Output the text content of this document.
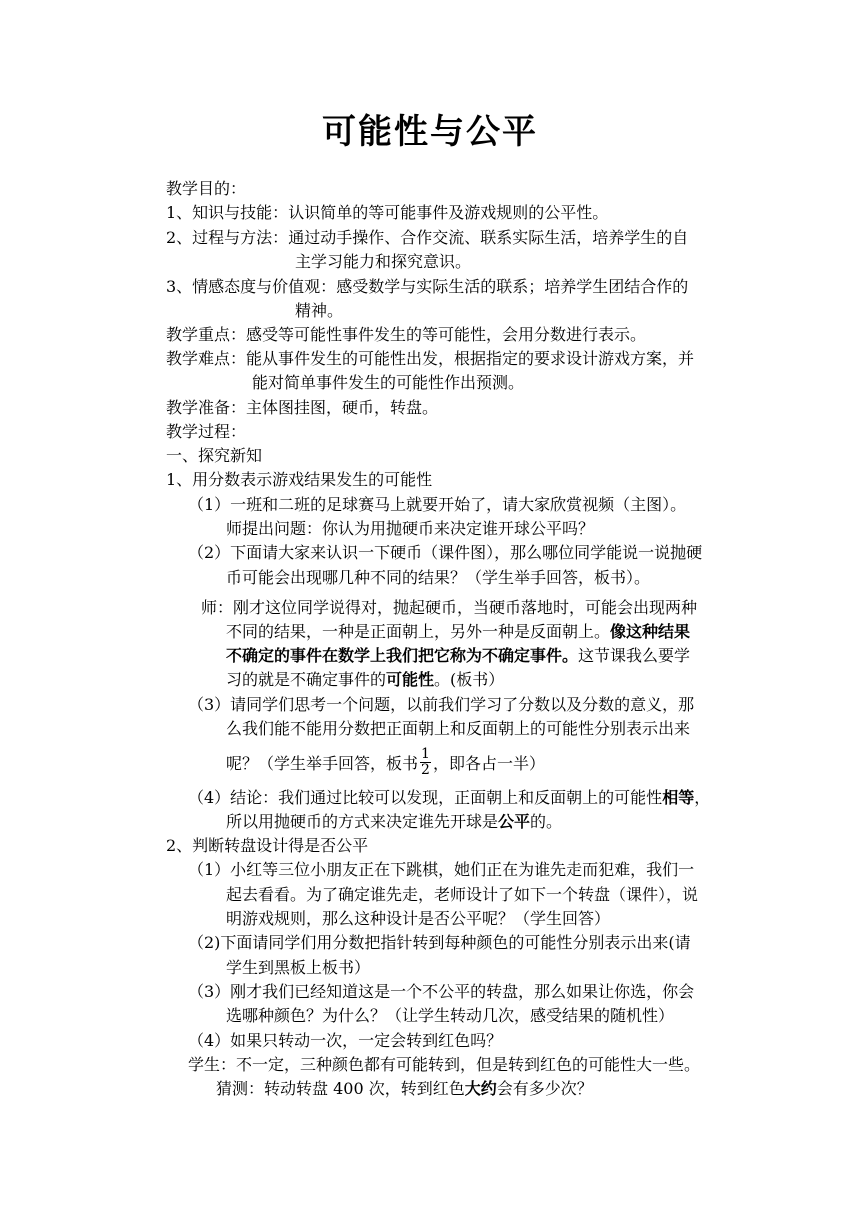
可能性与公平

教学目的：

1、知识与技能：认识简单的等可能事件及游戏规则的公平性。

2、过程与方法：通过动手操作、合作交流、联系实际生活，培养学生的自

主学习能力和探究意识。

3、情感态度与价值观：感受数学与实际生活的联系；培养学生团结合作的

精神。

教学重点：感受等可能性事件发生的等可能性，会用分数进行表示。

教学难点：能从事件发生的可能性出发，根据指定的要求设计游戏方案，并

能对简单事件发生的可能性作出预测。

教学准备：主体图挂图，硬币，转盘。

教学过程：

一、探究新知

1、用分数表示游戏结果发生的可能性

（1）一班和二班的足球赛马上就要开始了，请大家欣赏视频（主图）。

师提出问题：你认为用抛硬币来决定谁开球公平吗？

（2）下面请大家来认识一下硬币（课件图），那么哪位同学能说一说抛硬

币可能会出现哪几种不同的结果？（学生举手回答，板书）。

师：刚才这位同学说得对，抛起硬币，当硬币落地时，可能会出现两种

不同的结果，一种是正面朝上，另外一种是反面朝上。像这种结果

不确定的事件在数学上我们把它称为不确定事件。这节课我么要学

习的就是不确定事件的可能性。(板书）

（3）请同学们思考一个问题，以前我们学习了分数以及分数的意义，那

么我们能不能用分数把正面朝上和反面朝上的可能性分别表示出来

呢？（学生举手回答，板书 $\frac{1}{2}$ ，即各占一半）

（4）结论：我们通过比较可以发现，正面朝上和反面朝上的可能性相等，

所以用抛硬币的方式来决定谁先开球是公平的。

2、判断转盘设计得是否公平

（1）小红等三位小朋友正在下跳棋，她们正在为谁先走而犯难，我们一

起去看看。为了确定谁先走，老师设计了如下一个转盘（课件），说

明游戏规则，那么这种设计是否公平呢？（学生回答）

（2)下面请同学们用分数把指针转到每种颜色的可能性分别表示出来(请

学生到黑板上板书）

（3）刚才我们已经知道这是一个不公平的转盘，那么如果让你选，你会

选哪种颜色？为什么？（让学生转动几次，感受结果的随机性）

（4）如果只转动一次，一定会转到红色吗？

学生：不一定，三种颜色都有可能转到，但是转到红色的可能性大一些。

猜测：转动转盘 400 次，转到红色大约会有多少次？
